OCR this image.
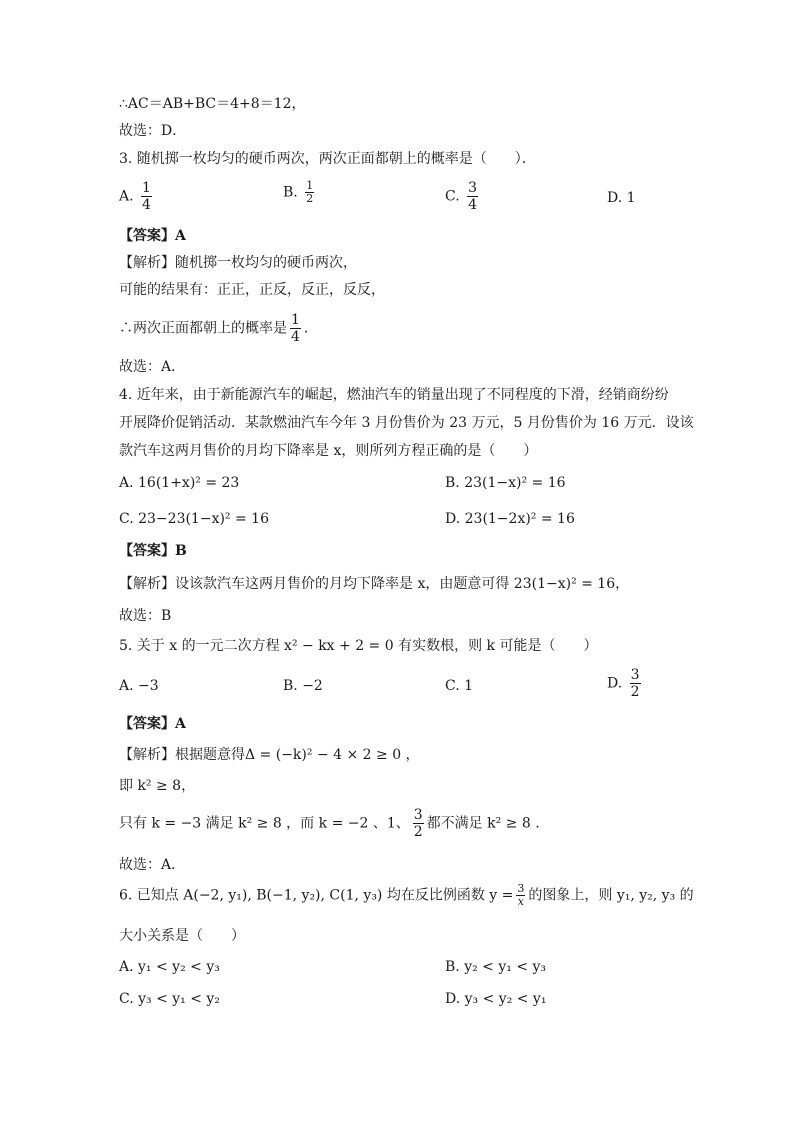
∴AC＝AB+BC＝4+8＝12，
故选：D．
3. 随机掷一枚均匀的硬币两次，两次正面都朝上的概率是（　　）．
A. $\frac{1}{4}$	B. $\frac{1}{2}$	C. $\frac{3}{4}$	D. 1
【答案】A
【解析】随机掷一枚均匀的硬币两次，
可能的结果有：正正，正反，反正，反反，
∴两次正面都朝上的概率是 $\frac{1}{4}$ ．
故选：A．
4. 近年来，由于新能源汽车的崛起，燃油汽车的销量出现了不同程度的下滑，经销商纷纷
开展降价促销活动．某款燃油汽车今年 3 月份售价为 23 万元，5 月份售价为 16 万元．设该
款汽车这两月售价的月均下降率是 x，则所列方程正确的是（　　）
A. 16(1+x)² = 23	B. 23(1−x)² = 16
C. 23−23(1−x)² = 16	D. 23(1−2x)² = 16
【答案】B
【解析】设该款汽车这两月售价的月均下降率是 x，由题意可得 23(1−x)² = 16，
故选：B
5. 关于 x 的一元二次方程 x² − kx + 2 = 0 有实数根，则 k 可能是（　　）
A. −3	B. −2	C. 1	D. $\frac{3}{2}$
【答案】A
【解析】根据题意得Δ = (−k)² − 4 × 2 ≥ 0 ，
即 k² ≥ 8，
只有 k = −3 满足 k² ≥ 8 ，而 k = −2 、1、 $\frac{3}{2}$ 都不满足 k² ≥ 8 .
故选：A．
6. 已知点 A(−2, y₁), B(−1, y₂), C(1, y₃) 均在反比例函数 $y = \frac{3}{x}$ 的图象上，则 y₁, y₂, y₃ 的
大小关系是（　　）
A. y₁ < y₂ < y₃	B. y₂ < y₁ < y₃
C. y₃ < y₁ < y₂	D. y₃ < y₂ < y₁
